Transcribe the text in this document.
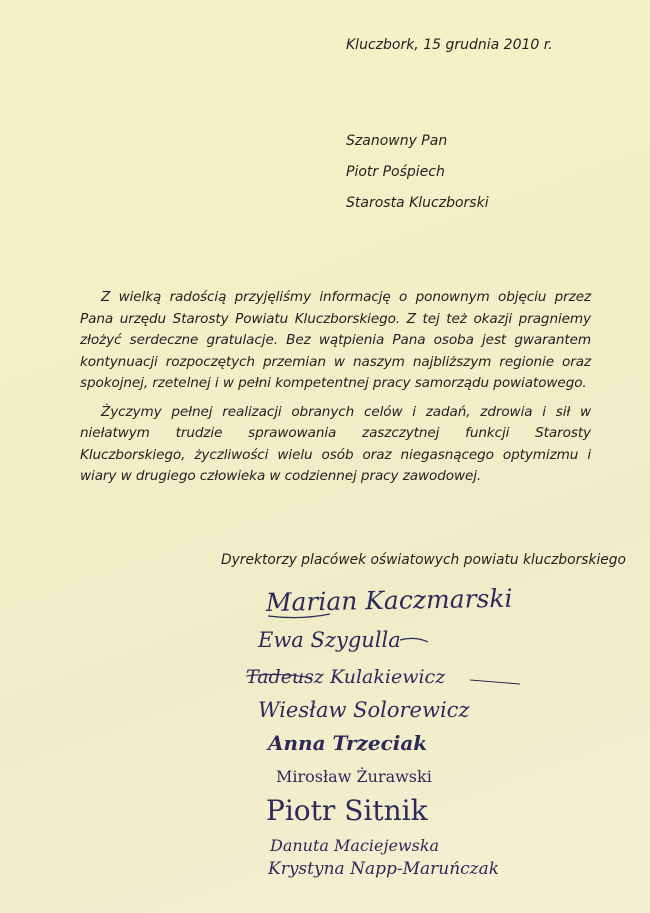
Kluczbork, 15 grudnia 2010 r.
Szanowny Pan
Piotr Pośpiech
Starosta Kluczborski

Z wielką radością przyjęliśmy informację o ponownym objęciu przez Pana urzędu Starosty Powiatu Kluczborskiego. Z tej też okazji pragniemy złożyć serdeczne gratulacje. Bez wątpienia Pana osoba jest gwarantem kontynuacji rozpoczętych przemian w naszym najbliższym regionie oraz spokojnej, rzetelnej i w pełni kompetentnej pracy samorządu powiatowego.

Życzymy pełnej realizacji obranych celów i zadań, zdrowia i sił w niełatwym trudzie sprawowania zaszczytnej funkcji Starosty Kluczborskiego, życzliwości wielu osób oraz niegasnącego optymizmu i wiary w drugiego człowieka w codziennej pracy zawodowej.

Dyrektorzy placówek oświatowych powiatu kluczborskiego
Marian Kaczmarski
Ewa Szygulla
Tadeusz Kulakiewicz
Wiesław Solorewicz
Anna Trzeciak
Mirosław Żurawski
Piotr Sitnik
Danuta Maciejewska
Krystyna Napp-Maruńczak
